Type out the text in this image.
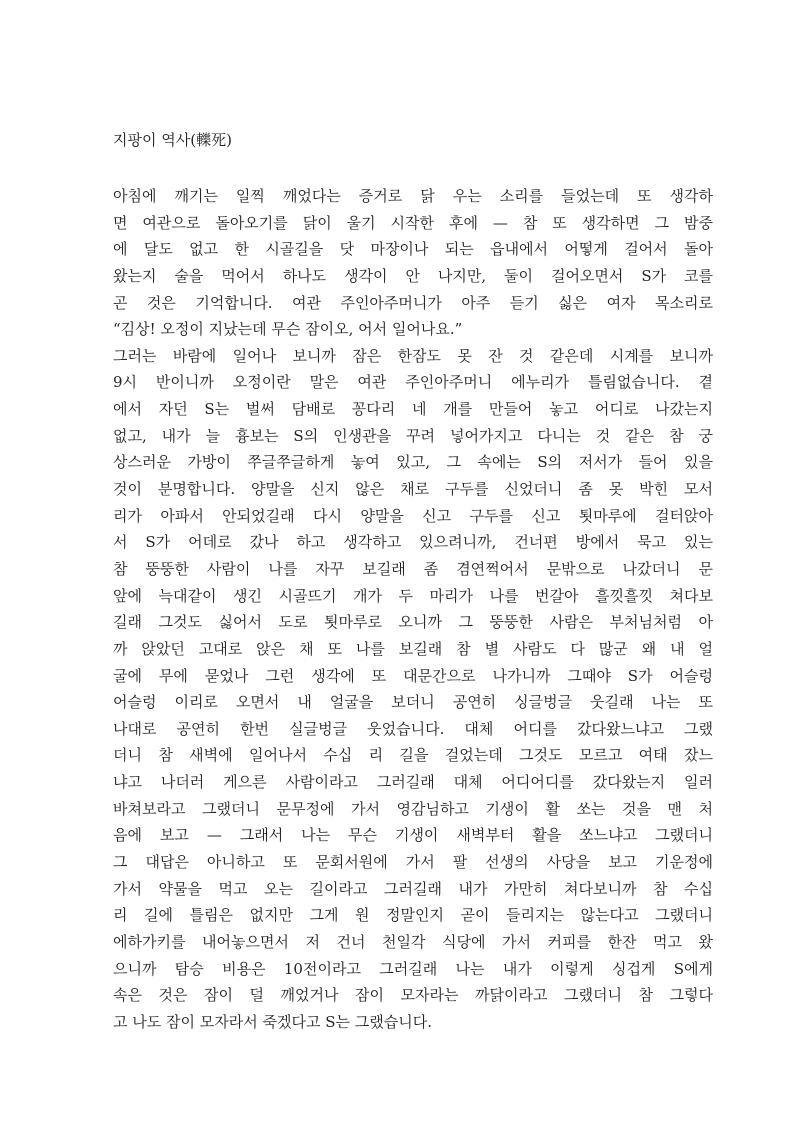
지팡이 역사(轢死)
아침에 깨기는 일찍 깨었다는 증거로 닭 우는 소리를 들었는데 또 생각하
면 여관으로 돌아오기를 닭이 울기 시작한 후에 — 참 또 생각하면 그 밤중
에 달도 없고 한 시골길을 닷 마장이나 되는 읍내에서 어떻게 걸어서 돌아
왔는지 술을 먹어서 하나도 생각이 안 나지만, 둘이 걸어오면서 S가 코를
곤 것은 기억합니다. 여관 주인아주머니가 아주 듣기 싫은 여자 목소리로
“김상! 오정이 지났는데 무슨 잠이오, 어서 일어나요.”
그러는 바람에 일어나 보니까 잠은 한잠도 못 잔 것 같은데 시계를 보니까
9시 반이니까 오정이란 말은 여관 주인아주머니 에누리가 틀림없습니다. 곁
에서 자던 S는 벌써 담배로 꽁다리 네 개를 만들어 놓고 어디로 나갔는지
없고, 내가 늘 흉보는 S의 인생관을 꾸려 넣어가지고 다니는 것 같은 참 궁
상스러운 가방이 쭈글쭈글하게 놓여 있고, 그 속에는 S의 저서가 들어 있을
것이 분명합니다. 양말을 신지 않은 채로 구두를 신었더니 좀 못 박힌 모서
리가 아파서 안되었길래 다시 양말을 신고 구두를 신고 툇마루에 걸터앉아
서 S가 어데로 갔나 하고 생각하고 있으려니까, 건너편 방에서 묵고 있는
참 뚱뚱한 사람이 나를 자꾸 보길래 좀 겸연쩍어서 문밖으로 나갔더니 문
앞에 늑대같이 생긴 시골뜨기 개가 두 마리가 나를 번갈아 흘낏흘낏 쳐다보
길래 그것도 싫어서 도로 툇마루로 오니까 그 뚱뚱한 사람은 부처님처럼 아
까 앉았던 고대로 앉은 채 또 나를 보길래 참 별 사람도 다 많군 왜 내 얼
굴에 무에 묻었나 그런 생각에 또 대문간으로 나가니까 그때야 S가 어슬렁
어슬렁 이리로 오면서 내 얼굴을 보더니 공연히 싱글벙글 웃길래 나는 또
나대로 공연히 한번 실글벙글 웃었습니다. 대체 어디를 갔다왔느냐고 그랬
더니 참 새벽에 일어나서 수십 리 길을 걸었는데 그것도 모르고 여태 잤느
냐고 나더러 게으른 사람이라고 그러길래 대체 어디어디를 갔다왔는지 일러
바쳐보라고 그랬더니 문무정에 가서 영감님하고 기생이 활 쏘는 것을 맨 처
음에 보고 — 그래서 나는 무슨 기생이 새벽부터 활을 쏘느냐고 그랬더니
그 대답은 아니하고 또 문회서원에 가서 팔 선생의 사당을 보고 기운정에
가서 약물을 먹고 오는 길이라고 그러길래 내가 가만히 쳐다보니까 참 수십
리 길에 틀림은 없지만 그게 원 정말인지 곧이 들리지는 않는다고 그랬더니
에하가키를 내어놓으면서 저 건너 천일각 식당에 가서 커피를 한잔 먹고 왔
으니까 탐승 비용은 10전이라고 그러길래 나는 내가 이렇게 싱겁게 S에게
속은 것은 잠이 덜 깨었거나 잠이 모자라는 까닭이라고 그랬더니 참 그렇다
고 나도 잠이 모자라서 죽겠다고 S는 그랬습니다.
